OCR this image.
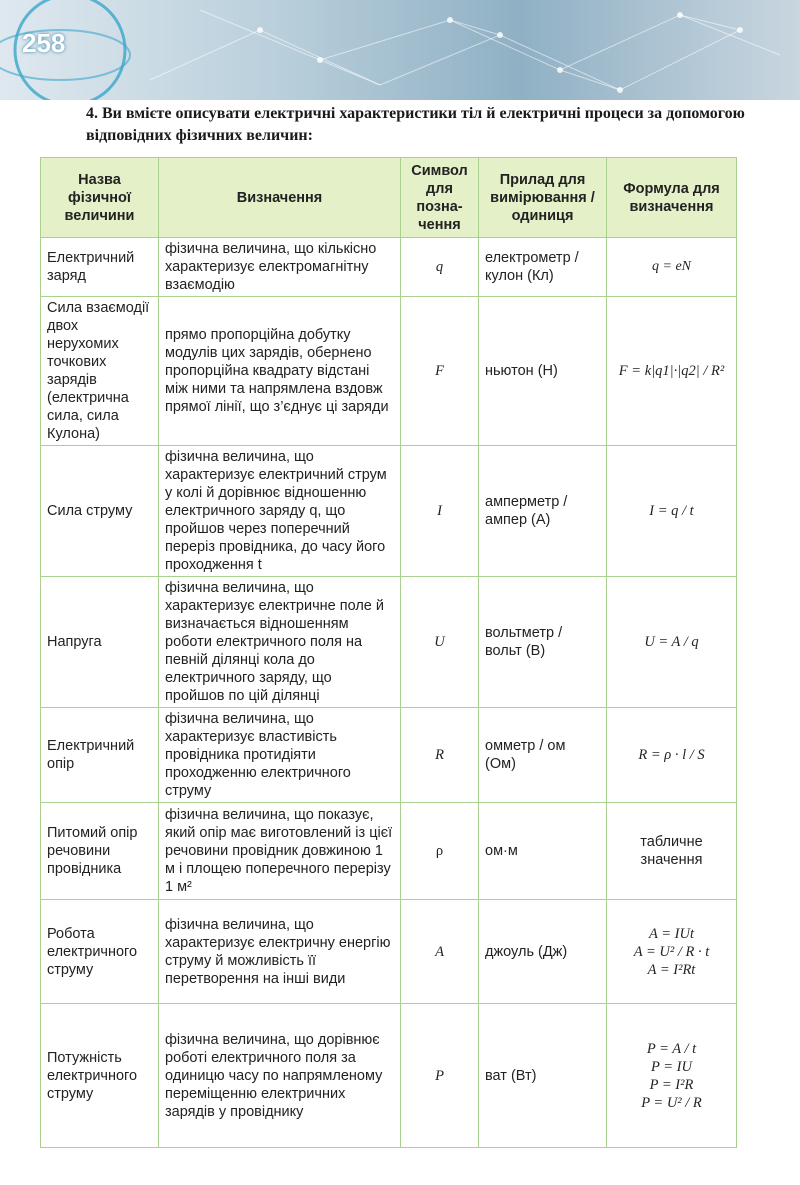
258
4. Ви вмієте описувати електричні характеристики тіл й електричні процеси за допомогою відповідних фізичних величин:
Назва фізичної величини	Визначення	Символ для позна-чення	Прилад для вимірювання / одиниця	Формула для визначення
Електричний заряд	фізична величина, що кількісно характеризує електромагнітну взаємодію	q	електрометр / кулон (Кл)	q = eN
Сила взаємодії двох нерухомих точкових зарядів (електрична сила, сила Кулона)	прямо пропорційна добутку модулів цих зарядів, обернено пропорційна квадрату відстані між ними та напрямлена вздовж прямої лінії, що з’єднує ці заряди	F	ньютон (Н)	F = k|q1|·|q2| / R²
Сила струму	фізична величина, що характеризує електричний струм у колі й дорівнює відношенню електричного заряду q, що пройшов через поперечний переріз провідника, до часу його проходження t	I	амперметр / ампер (А)	I = q / t
Напруга	фізична величина, що характеризує електричне поле й визначається відношенням роботи електричного поля на певній ділянці кола до електричного заряду, що пройшов по цій ділянці	U	вольтметр / вольт (В)	U = A / q
Електричний опір	фізична величина, що характеризує властивість провідника протидіяти проходженню електричного струму	R	омметр / ом (Ом)	R = ρ · l / S
Питомий опір речовини провідника	фізична величина, що показує, який опір має виготовлений із цієї речовини провідник довжиною 1 м і площею поперечного перерізу 1 м²	ρ	ом·м	табличне значення
Робота електричного струму	фізична величина, що характеризує електричну енергію струму й можливість її перетворення на інші види	A	джоуль (Дж)	A = IUt
A = U² / R · t
A = I²Rt

Потужність електричного струму	фізична величина, що дорівнює роботі електричного поля за одиницю часу по напрямленому переміщенню електричних зарядів у провіднику	P	ват (Вт)	P = A / t
P = IU
P = I²R
P = U² / R
